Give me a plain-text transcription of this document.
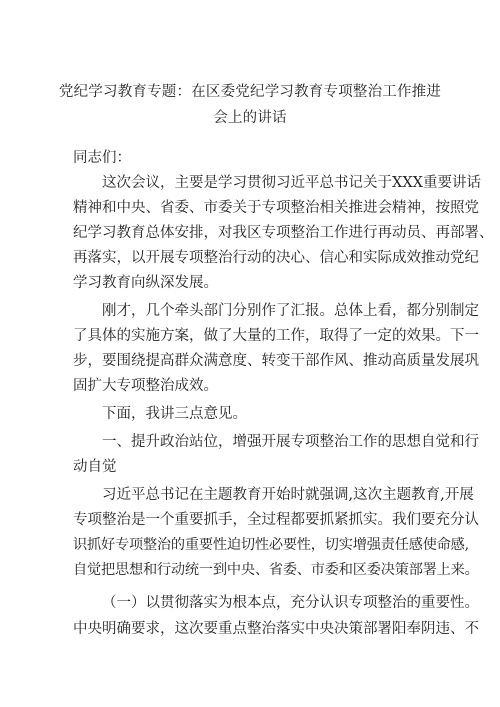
党纪学习教育专题：在区委党纪学习教育专项整治工作推进
会上的讲话
同志们：
这次会议，主要是学习贯彻习近平总书记关于XXX重要讲话
精神和中央、省委、市委关于专项整治相关推进会精神，按照党
纪学习教育总体安排，对我区专项整治工作进行再动员、再部署、
再落实，以开展专项整治行动的决心、信心和实际成效推动党纪
学习教育向纵深发展。
刚才，几个牵头部门分别作了汇报。总体上看，都分别制定
了具体的实施方案，做了大量的工作，取得了一定的效果。下一
步，要围绕提高群众满意度、转变干部作风、推动高质量发展巩
固扩大专项整治成效。
下面，我讲三点意见。
一、提升政治站位，增强开展专项整治工作的思想自觉和行
动自觉
习近平总书记在主题教育开始时就强调,这次主题教育,开展
专项整治是一个重要抓手，全过程都要抓紧抓实。我们要充分认
识抓好专项整治的重要性迫切性必要性，切实增强责任感使命感,
自觉把思想和行动统一到中央、省委、市委和区委决策部署上来。
（一）以贯彻落实为根本点，充分认识专项整治的重要性。
中央明确要求，这次要重点整治落实中央决策部署阳奉阴违、不
